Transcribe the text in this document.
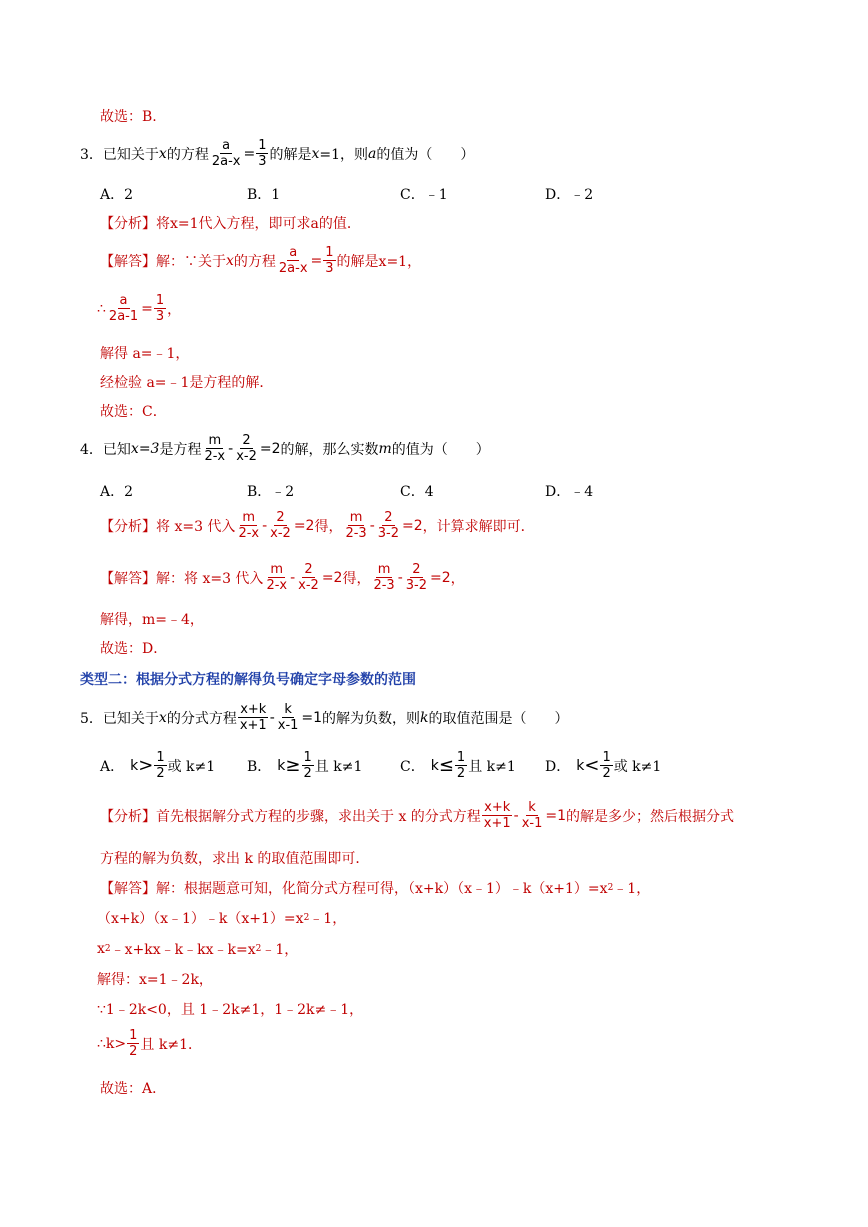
故选：B.
3．已知关于 x 的方程 $\frac{a}{2a-x} = \frac{1}{3}$ 的解是 x =1，则 a 的值为（　　）
A．2	B．1	C．﹣1	D．﹣2
【分析】将x=1代入方程，即可求a的值．
【解答】解：∵关于 x 的方程 $\frac{a}{2a-x} = \frac{1}{3}$ 的解是 x=1，
∴ $\frac{a}{2a-1} = \frac{1}{3}$ ，
解得 a=﹣1，
经检验 a=﹣1是方程的解．
故选：C．
4．已知 x=3 是方程 $\frac{m}{2-x} - \frac{2}{x-2} =2$ 的解，那么实数 m 的值为（　　）
A．2	B．﹣2	C．4	D．﹣4
【分析】将 x=3 代入 $\frac{m}{2-x} - \frac{2}{x-2} =2$ 得， $\frac{m}{2-3} - \frac{2}{3-2} =2$ ，计算求解即可．
【解答】解：将 x=3 代入 $\frac{m}{2-x} - \frac{2}{x-2} =2$ 得， $\frac{m}{2-3} - \frac{2}{3-2} =2$ ，
解得，m=﹣4，
故选：D．
类型二：根据分式方程的解得负号确定字母参数的范围
5．已知关于 x 的分式方程 $\frac{x+k}{x+1} - \frac{k}{x-1} =1$ 的解为负数，则 k 的取值范围是（　　）
A． $k > \frac{1}{2}$ 或 k≠1 B． $k \ge \frac{1}{2}$ 且 k≠1	C． $k \le \frac{1}{2}$ 且 k≠1 D． $k < \frac{1}{2}$ 或 k≠1
【分析】首先根据解分式方程的步骤，求出关于 x 的分式方程 $\frac{x+k}{x+1} - \frac{k}{x-1} =1$ 的解是多少；然后根据分式
方程的解为负数，求出 k 的取值范围即可．
【解答】解：根据题意可知，化简分式方程可得，（x+k）（x﹣1）﹣k（x+1）=x 2 ﹣1，
（x+k）（x﹣1）﹣k（x+1）=x 2 ﹣1，
x 2 ﹣x+kx﹣k﹣kx﹣k=x 2 ﹣1，
解得：x=1﹣2k，
∵1﹣2k<0，且 1﹣2k≠1，1﹣2k≠﹣1，
∴k> $\frac{1}{2}$ 且 k≠1．
故选：A．
